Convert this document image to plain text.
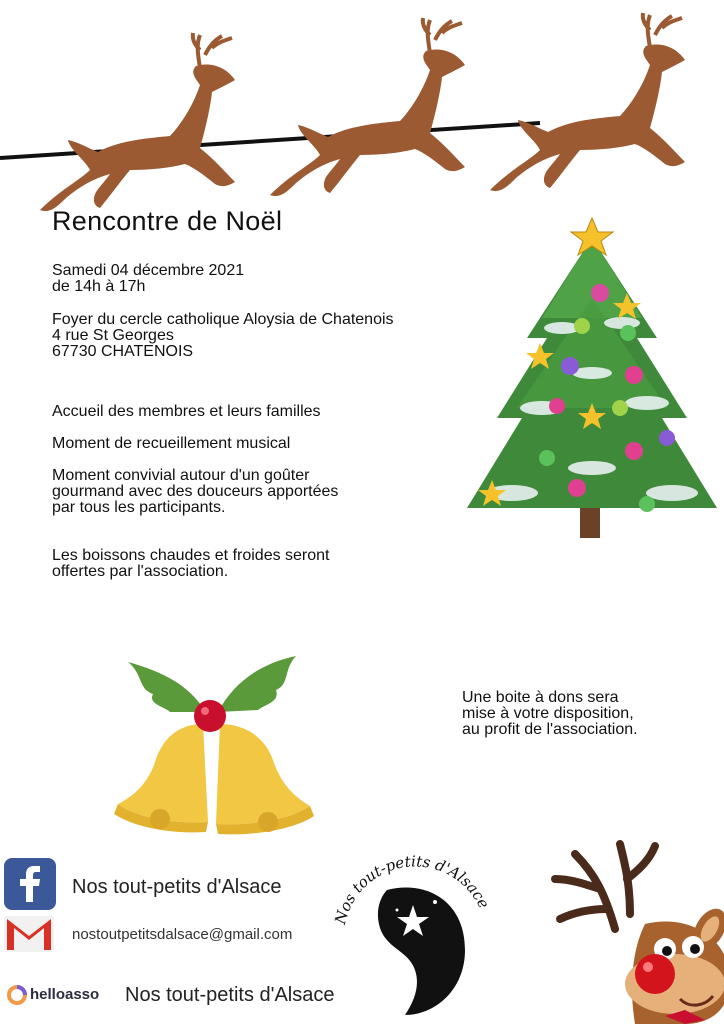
Rencontre de Noël
Samedi 04 décembre 2021
de 14h à 17h
Foyer du cercle catholique Aloysia de Chatenois
4 rue St Georges
67730 CHATENOIS
Accueil des membres et leurs familles
Moment de recueillement musical
Moment convivial autour d'un goûter
gourmand avec des douceurs apportées
par tous les participants.
Les boissons chaudes et froides seront
offertes par l'association.
Une boite à dons sera
mise à votre disposition,
au profit de l'association.
Nos tout-petits d'Alsace
nostoutpetitsdalsace@gmail.com
helloasso Nos tout-petits d'Alsace
Nos tout-petits d'Alsace
